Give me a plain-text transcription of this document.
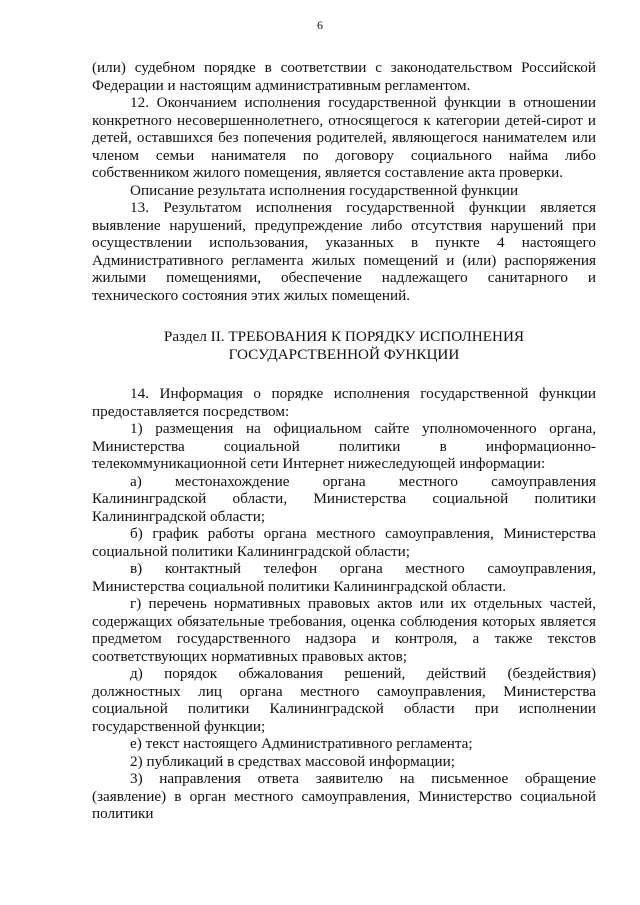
6

(или) судебном порядке в соответствии с законодательством Российской Федерации и настоящим административным регламентом.

12. Окончанием исполнения государственной функции в отношении конкретного несовершеннолетнего, относящегося к категории детей-сирот и детей, оставшихся без попечения родителей, являющегося нанимателем или членом семьи нанимателя по договору социального найма либо собственником жилого помещения, является составление акта проверки.

Описание результата исполнения государственной функции

13. Результатом исполнения государственной функции является выявление нарушений, предупреждение либо отсутствия нарушений при осуществлении использования, указанных в пункте 4 настоящего Административного регламента жилых помещений и (или) распоряжения жилыми помещениями, обеспечение надлежащего санитарного и технического состояния этих жилых помещений.

Раздел II. ТРЕБОВАНИЯ К ПОРЯДКУ ИСПОЛНЕНИЯ
ГОСУДАРСТВЕННОЙ ФУНКЦИИ

14. Информация о порядке исполнения государственной функции предоставляется посредством:

1) размещения на официальном сайте уполномоченного органа, Министерства социальной политики в информационно-телекоммуникационной сети Интернет нижеследующей информации:

а) местонахождение органа местного самоуправления Калининградской области, Министерства социальной политики Калининградской области;

б) график работы органа местного самоуправления, Министерства социальной политики Калининградской области;

в) контактный телефон органа местного самоуправления, Министерства социальной политики Калининградской области.

г) перечень нормативных правовых актов или их отдельных частей, содержащих обязательные требования, оценка соблюдения которых является предметом государственного надзора и контроля, а также текстов соответствующих нормативных правовых актов;

д) порядок обжалования решений, действий (бездействия) должностных лиц органа местного самоуправления, Министерства социальной политики Калининградской области при исполнении государственной функции;

е) текст настоящего Административного регламента;

2) публикаций в средствах массовой информации;

3) направления ответа заявителю на письменное обращение (заявление) в орган местного самоуправления, Министерство социальной политики
